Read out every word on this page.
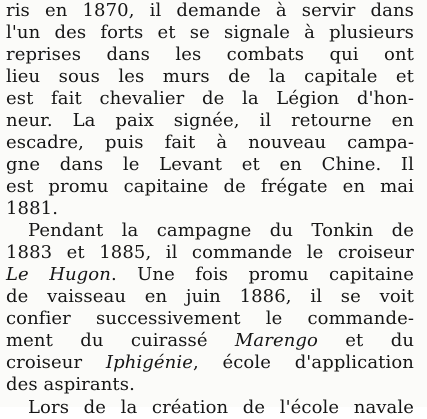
ris en 1870, il demande à servir dans
l'un des forts et se signale à plusieurs
reprises dans les combats qui ont
lieu sous les murs de la capitale et
est fait chevalier de la Légion d'hon-
neur. La paix signée, il retourne en
escadre, puis fait à nouveau campa-
gne dans le Levant et en Chine. Il
est promu capitaine de frégate en mai
1881.
Pendant la campagne du Tonkin de
1883 et 1885, il commande le croiseur
Le Hugon. Une fois promu capitaine
de vaisseau en juin 1886, il se voit
confier successivement le commande-
ment du cuirassé Marengo et du
croiseur Iphigénie, école d'application
des aspirants.
Lors de la création de l'école navale
